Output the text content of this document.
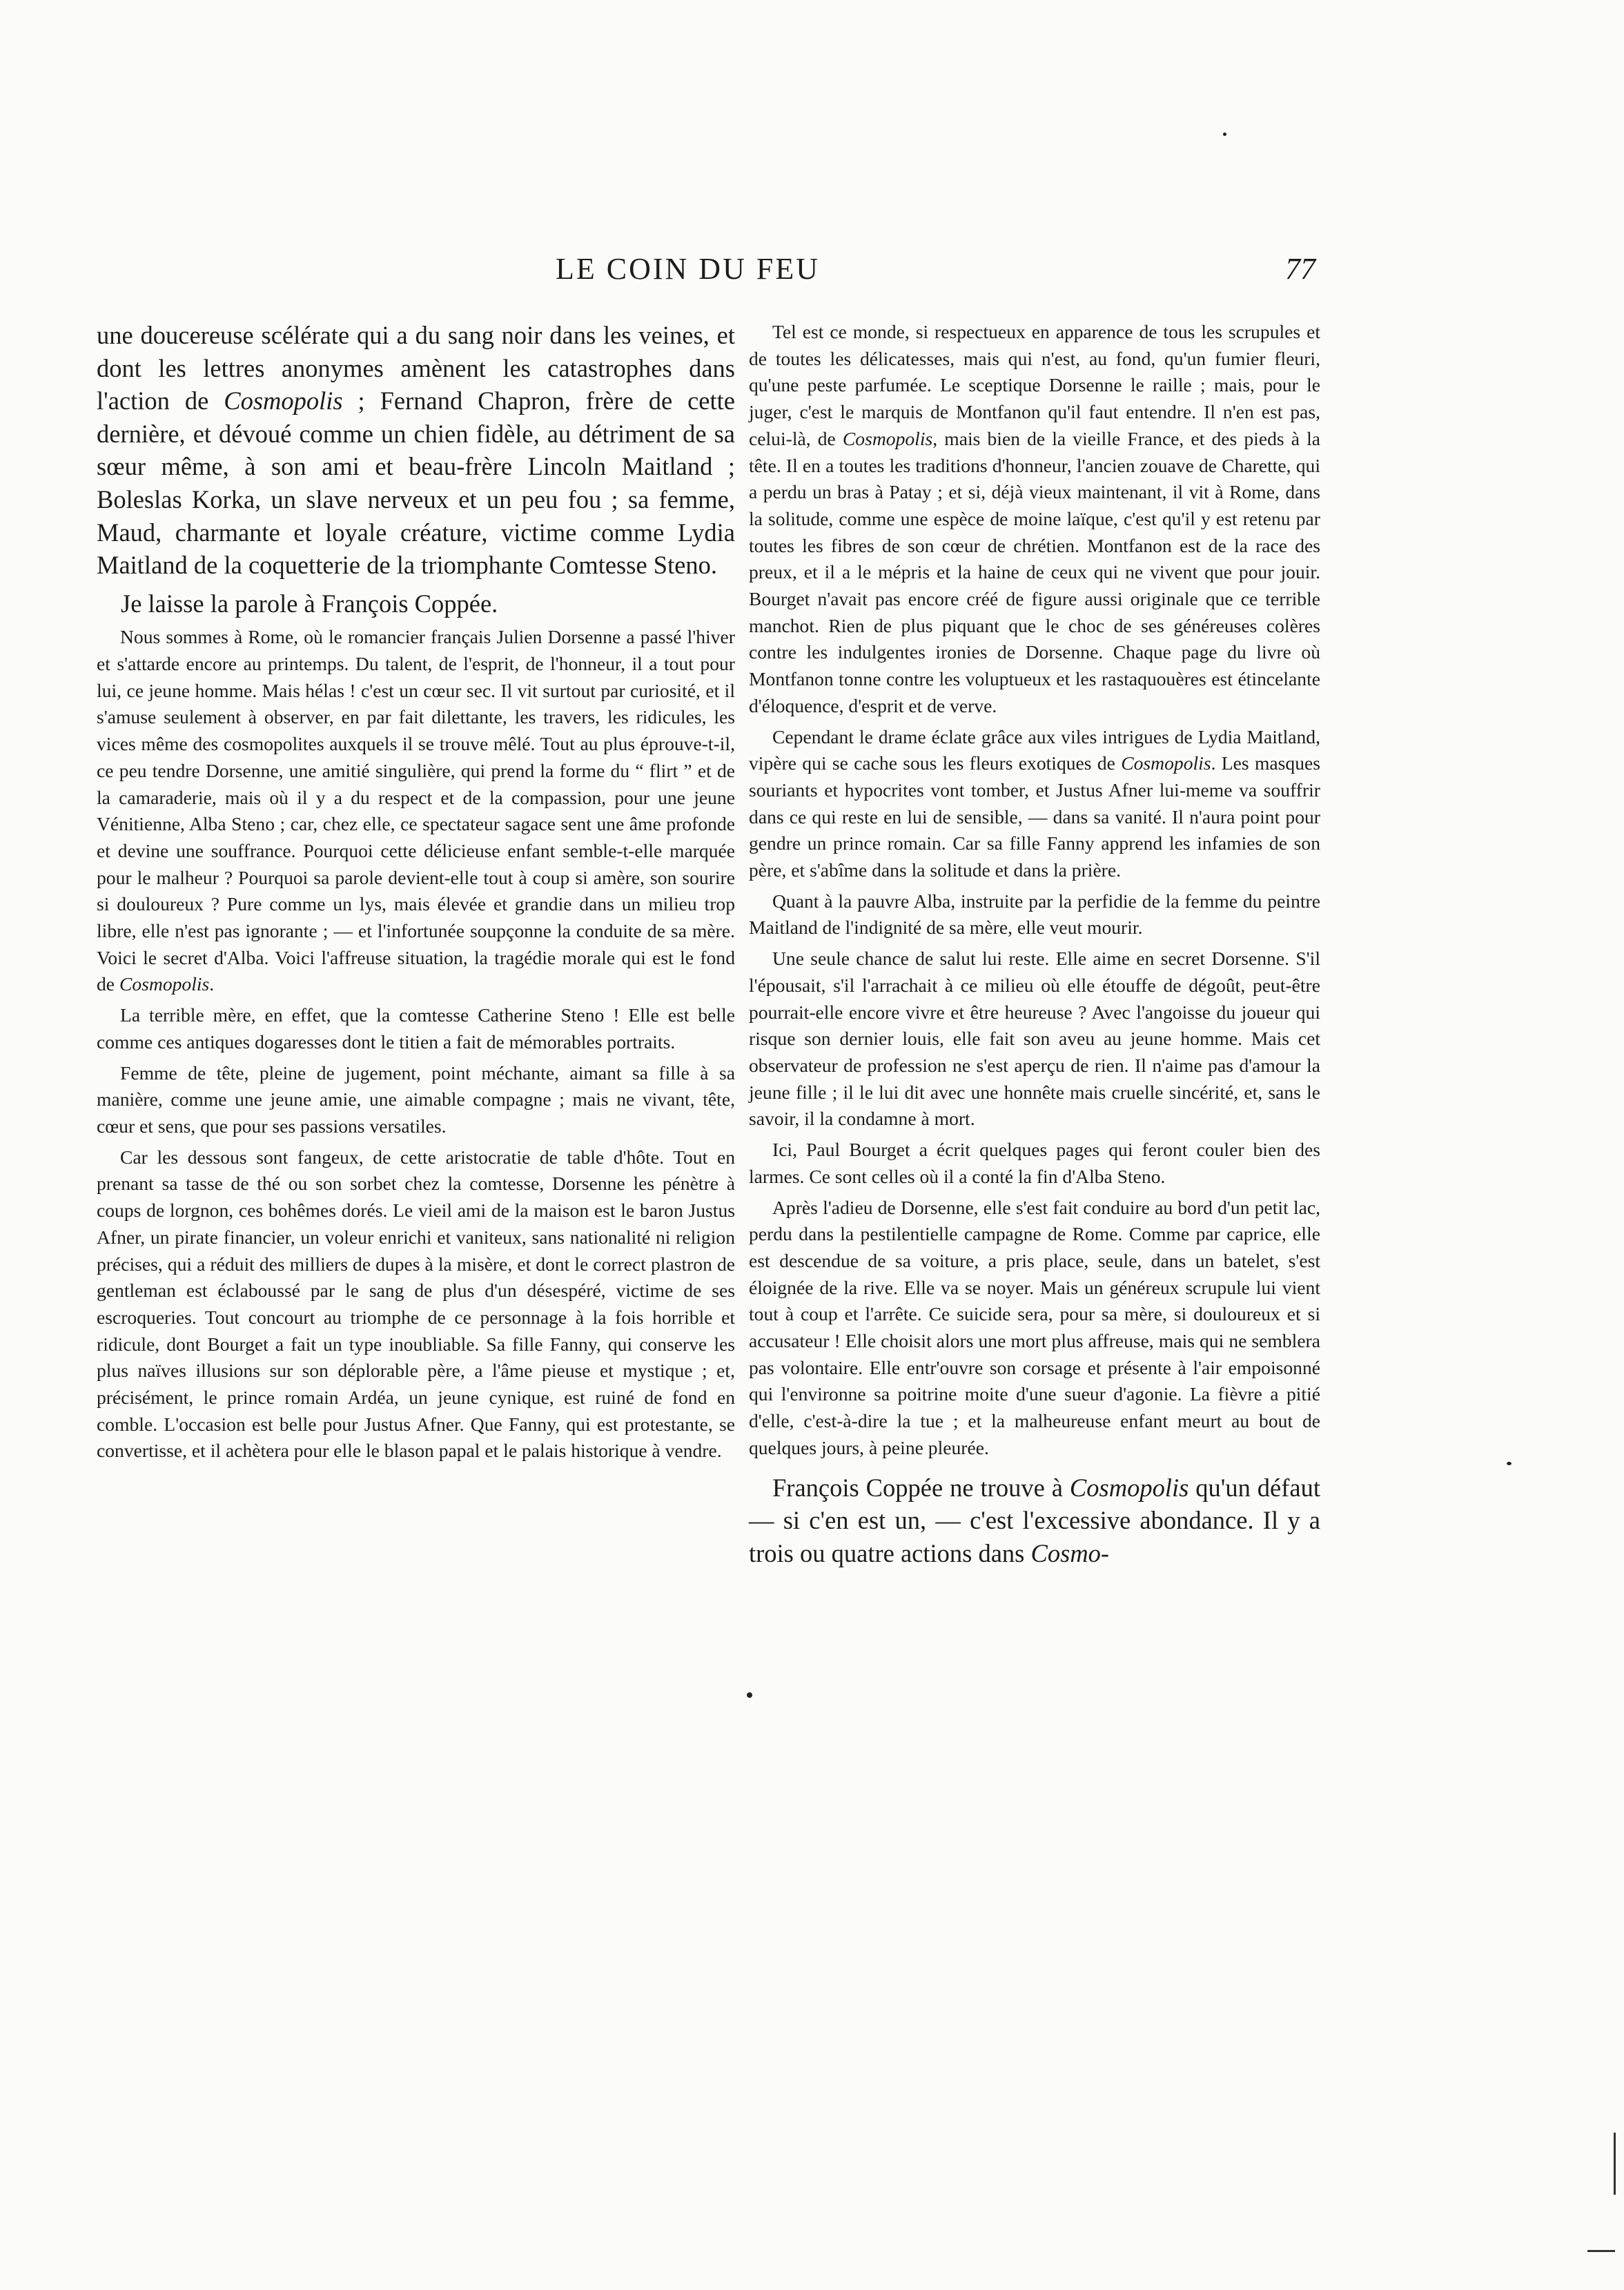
LE COIN DU FEU	77

une doucereuse scélérate qui a du sang noir dans les veines, et dont les lettres anonymes amènent les catastrophes dans l'action de Cosmopolis ; Fernand Chapron, frère de cette dernière, et dévoué comme un chien fidèle, au détriment de sa sœur même, à son ami et beau-frère Lincoln Maitland ; Boleslas Korka, un slave nerveux et un peu fou ; sa femme, Maud, charmante et loyale créature, victime comme Lydia Maitland de la coquetterie de la triomphante Comtesse Steno.

Je laisse la parole à François Coppée.

Nous sommes à Rome, où le romancier français Julien Dorsenne a passé l'hiver et s'attarde encore au printemps. Du talent, de l'esprit, de l'honneur, il a tout pour lui, ce jeune homme. Mais hélas ! c'est un cœur sec. Il vit surtout par curiosité, et il s'amuse seulement à observer, en par fait dilettante, les travers, les ridicules, les vices même des cosmopolites auxquels il se trouve mêlé. Tout au plus éprouve-t-il, ce peu tendre Dorsenne, une amitié singulière, qui prend la forme du “ flirt ” et de la camaraderie, mais où il y a du respect et de la compassion, pour une jeune Vénitienne, Alba Steno ; car, chez elle, ce spectateur sagace sent une âme profonde et devine une souffrance. Pourquoi cette délicieuse enfant semble-t-elle marquée pour le malheur ? Pourquoi sa parole devient-elle tout à coup si amère, son sourire si douloureux ? Pure comme un lys, mais élevée et grandie dans un milieu trop libre, elle n'est pas ignorante ; — et l'infortunée soupçonne la conduite de sa mère. Voici le secret d'Alba. Voici l'affreuse situation, la tragédie morale qui est le fond de Cosmopolis.

La terrible mère, en effet, que la comtesse Catherine Steno ! Elle est belle comme ces antiques dogaresses dont le titien a fait de mémorables portraits.

Femme de tête, pleine de jugement, point méchante, aimant sa fille à sa manière, comme une jeune amie, une aimable compagne ; mais ne vivant, tête, cœur et sens, que pour ses passions versatiles.

Car les dessous sont fangeux, de cette aristocratie de table d'hôte. Tout en prenant sa tasse de thé ou son sorbet chez la comtesse, Dorsenne les pénètre à coups de lorgnon, ces bohêmes dorés. Le vieil ami de la maison est le baron Justus Afner, un pirate financier, un voleur enrichi et vaniteux, sans nationalité ni religion précises, qui a réduit des milliers de dupes à la misère, et dont le correct plastron de gentleman est éclaboussé par le sang de plus d'un désespéré, victime de ses escroqueries. Tout concourt au triomphe de ce personnage à la fois horrible et ridicule, dont Bourget a fait un type inoubliable. Sa fille Fanny, qui conserve les plus naïves illusions sur son déplorable père, a l'âme pieuse et mystique ; et, précisément, le prince romain Ardéa, un jeune cynique, est ruiné de fond en comble. L'occasion est belle pour Justus Afner. Que Fanny, qui est protestante, se convertisse, et il achètera pour elle le blason papal et le palais historique à vendre.

Tel est ce monde, si respectueux en apparence de tous les scrupules et de toutes les délicatesses, mais qui n'est, au fond, qu'un fumier fleuri, qu'une peste parfumée. Le sceptique Dorsenne le raille ; mais, pour le juger, c'est le marquis de Montfanon qu'il faut entendre. Il n'en est pas, celui-là, de Cosmopolis, mais bien de la vieille France, et des pieds à la tête. Il en a toutes les traditions d'honneur, l'ancien zouave de Charette, qui a perdu un bras à Patay ; et si, déjà vieux maintenant, il vit à Rome, dans la solitude, comme une espèce de moine laïque, c'est qu'il y est retenu par toutes les fibres de son cœur de chrétien. Montfanon est de la race des preux, et il a le mépris et la haine de ceux qui ne vivent que pour jouir. Bourget n'avait pas encore créé de figure aussi originale que ce terrible manchot. Rien de plus piquant que le choc de ses généreuses colères contre les indulgentes ironies de Dorsenne. Chaque page du livre où Montfanon tonne contre les voluptueux et les rastaquouères est étincelante d'éloquence, d'esprit et de verve.

Cependant le drame éclate grâce aux viles intrigues de Lydia Maitland, vipère qui se cache sous les fleurs exotiques de Cosmopolis. Les masques souriants et hypocrites vont tomber, et Justus Afner lui-meme va souffrir dans ce qui reste en lui de sensible, — dans sa vanité. Il n'aura point pour gendre un prince romain. Car sa fille Fanny apprend les infamies de son père, et s'abîme dans la solitude et dans la prière.

Quant à la pauvre Alba, instruite par la perfidie de la femme du peintre Maitland de l'indignité de sa mère, elle veut mourir.

Une seule chance de salut lui reste. Elle aime en secret Dorsenne. S'il l'épousait, s'il l'arrachait à ce milieu où elle étouffe de dégoût, peut-être pourrait-elle encore vivre et être heureuse ? Avec l'angoisse du joueur qui risque son dernier louis, elle fait son aveu au jeune homme. Mais cet observateur de profession ne s'est aperçu de rien. Il n'aime pas d'amour la jeune fille ; il le lui dit avec une honnête mais cruelle sincérité, et, sans le savoir, il la condamne à mort.

Ici, Paul Bourget a écrit quelques pages qui feront couler bien des larmes. Ce sont celles où il a conté la fin d'Alba Steno.

Après l'adieu de Dorsenne, elle s'est fait conduire au bord d'un petit lac, perdu dans la pestilentielle campagne de Rome. Comme par caprice, elle est descendue de sa voiture, a pris place, seule, dans un batelet, s'est éloignée de la rive. Elle va se noyer. Mais un généreux scrupule lui vient tout à coup et l'arrête. Ce suicide sera, pour sa mère, si douloureux et si accusateur ! Elle choisit alors une mort plus affreuse, mais qui ne semblera pas volontaire. Elle entr'ouvre son corsage et présente à l'air empoisonné qui l'environne sa poitrine moite d'une sueur d'agonie. La fièvre a pitié d'elle, c'est-à-dire la tue ; et la malheureuse enfant meurt au bout de quelques jours, à peine pleurée.

François Coppée ne trouve à Cosmopolis qu'un défaut — si c'en est un, — c'est l'excessive abondance. Il y a trois ou quatre actions dans Cosmo-
